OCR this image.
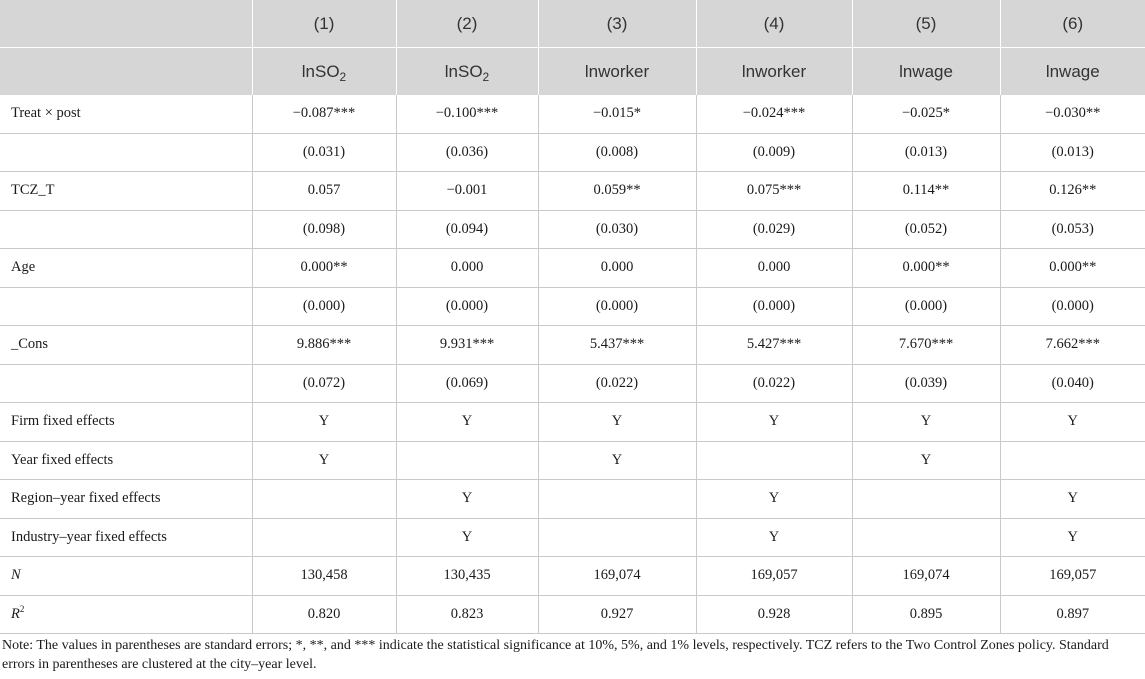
	(1)	(2)	(3)	(4)	(5)	(6)
	lnSO$_2$	lnSO$_2$	lnworker	lnworker	lnwage	lnwage
Treat × post	−0.087***	−0.100***	−0.015*	−0.024***	−0.025*	−0.030**
	(0.031)	(0.036)	(0.008)	(0.009)	(0.013)	(0.013)
TCZ_T	0.057	−0.001	0.059**	0.075***	0.114**	0.126**
	(0.098)	(0.094)	(0.030)	(0.029)	(0.052)	(0.053)
Age	0.000**	0.000	0.000	0.000	0.000**	0.000**
	(0.000)	(0.000)	(0.000)	(0.000)	(0.000)	(0.000)
_Cons	9.886***	9.931***	5.437***	5.427***	7.670***	7.662***
	(0.072)	(0.069)	(0.022)	(0.022)	(0.039)	(0.040)
Firm fixed effects	Y	Y	Y	Y	Y	Y
Year fixed effects	Y		Y		Y	
Region–year fixed effects		Y		Y		Y
Industry–year fixed effects		Y		Y		Y
N	130,458	130,435	169,074	169,057	169,074	169,057
$R^2$	0.820	0.823	0.927	0.928	0.895	0.897
Note: The values in parentheses are standard errors; *, **, and *** indicate the statistical significance at 10%, 5%, and 1% levels, respectively. TCZ refers to the Two Control Zones policy. Standard errors in parentheses are clustered at the city–year level.
